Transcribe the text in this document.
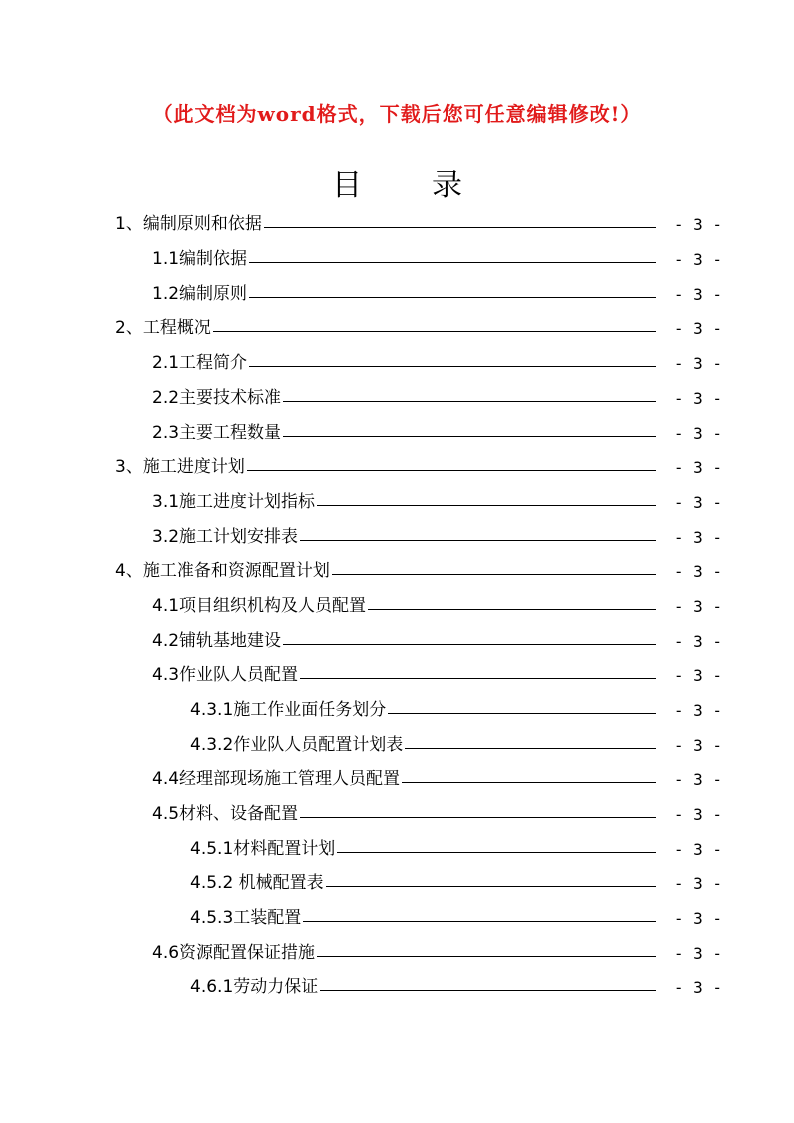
（此文档为word格式，下载后您可任意编辑修改!）
目录
1、编制原则和依据	- 3 -
1.1编制依据	- 3 -
1.2编制原则	- 3 -
2、工程概况	- 3 -
2.1工程简介	- 3 -
2.2主要技术标准	- 3 -
2.3主要工程数量	- 3 -
3、施工进度计划	- 3 -
3.1施工进度计划指标	- 3 -
3.2施工计划安排表	- 3 -
4、施工准备和资源配置计划	- 3 -
4.1项目组织机构及人员配置	- 3 -
4.2铺轨基地建设	- 3 -
4.3作业队人员配置	- 3 -
4.3.1施工作业面任务划分	- 3 -
4.3.2作业队人员配置计划表	- 3 -
4.4经理部现场施工管理人员配置	- 3 -
4.5材料、设备配置	- 3 -
4.5.1材料配置计划	- 3 -
4.5.2 机械配置表	- 3 -
4.5.3工装配置	- 3 -
4.6资源配置保证措施	- 3 -
4.6.1劳动力保证	- 3 -
